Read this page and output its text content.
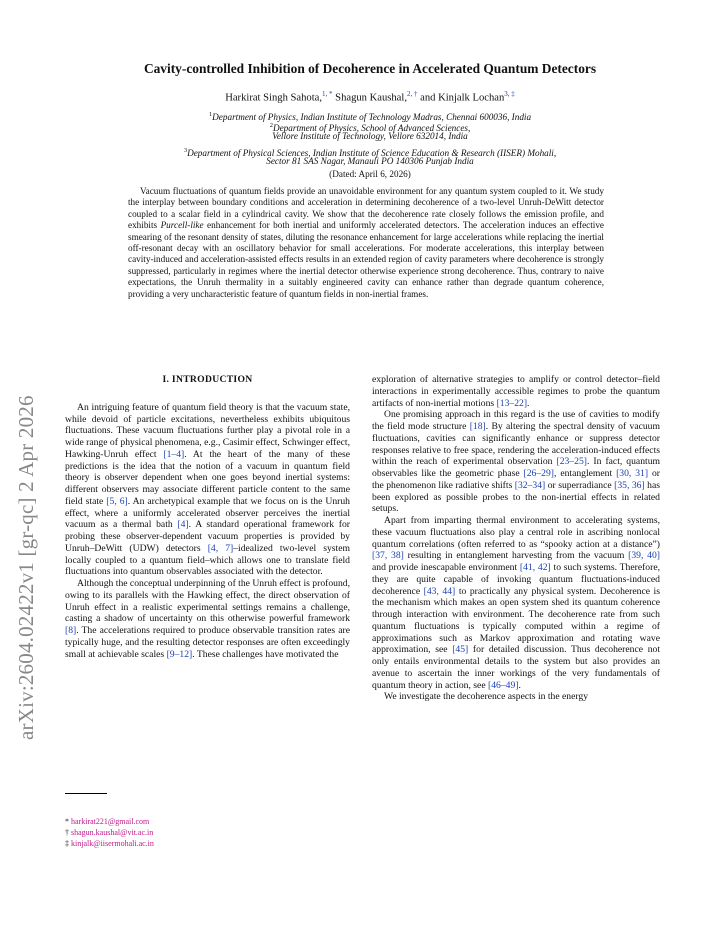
arXiv:2604.02422v1 [gr-qc] 2 Apr 2026
Cavity-controlled Inhibition of Decoherence in Accelerated Quantum Detectors
Harkirat Singh Sahota,$^{1, *}$ Shagun Kaushal,$^{2, \dagger}$ and Kinjalk Lochan$^{3, \ddagger}$
$^1$Department of Physics, Indian Institute of Technology Madras, Chennai 600036, India
$^2$Department of Physics, School of Advanced Sciences,
Vellore Institute of Technology, Vellore 632014, India
$^3$Department of Physical Sciences, Indian Institute of Science Education & Research (IISER) Mohali,
Sector 81 SAS Nagar, Manauli PO 140306 Punjab India
(Dated: April 6, 2026)
Vacuum fluctuations of quantum fields provide an unavoidable environment for any quantum system coupled to it. We study the interplay between boundary conditions and acceleration in determining decoherence of a two-level Unruh-DeWitt detector coupled to a scalar field in a cylindrical cavity. We show that the decoherence rate closely follows the emission profile, and exhibits Purcell-like enhancement for both inertial and uniformly accelerated detectors. The acceleration induces an effective smearing of the resonant density of states, diluting the resonance enhancement for large accelerations while replacing the inertial off-resonant decay with an oscillatory behavior for small accelerations. For moderate accelerations, this interplay between cavity-induced and acceleration-assisted effects results in an extended region of cavity parameters where decoherence is strongly suppressed, particularly in regimes where the inertial detector otherwise experience strong decoherence. Thus, contrary to naive expectations, the Unruh thermality in a suitably engineered cavity can enhance rather than degrade quantum coherence, providing a very uncharacteristic feature of quantum fields in non-inertial frames.
I. INTRODUCTION

An intriguing feature of quantum field theory is that the vacuum state, while devoid of particle excitations, nevertheless exhibits ubiquitous fluctuations. These vacuum fluctuations further play a pivotal role in a wide range of physical phenomena, e.g., Casimir effect, Schwinger effect, Hawking-Unruh effect [1–4]. At the heart of the many of these predictions is the idea that the notion of a vacuum in quantum field theory is observer dependent when one goes beyond inertial systems: different observers may associate different particle content to the same field state [5, 6]. An archetypical example that we focus on is the Unruh effect, where a uniformly accelerated observer perceives the inertial vacuum as a thermal bath [4]. A standard operational framework for probing these observer-dependent vacuum properties is provided by Unruh–DeWitt (UDW) detectors [4, 7]–idealized two-level system locally coupled to a quantum field–which allows one to translate field fluctuations into quantum observables associated with the detector.

Although the conceptual underpinning of the Unruh effect is profound, owing to its parallels with the Hawking effect, the direct observation of Unruh effect in a realistic experimental settings remains a challenge, casting a shadow of uncertainty on this otherwise powerful framework [8]. The accelerations required to produce observable transition rates are typically huge, and the resulting detector responses are often exceedingly small at achievable scales [9–12]. These challenges have motivated the

exploration of alternative strategies to amplify or control detector–field interactions in experimentally accessible regimes to probe the quantum artifacts of non-inertial motions [13–22].

One promising approach in this regard is the use of cavities to modify the field mode structure [18]. By altering the spectral density of vacuum fluctuations, cavities can significantly enhance or suppress detector responses relative to free space, rendering the acceleration-induced effects within the reach of experimental observation [23–25]. In fact, quantum observables like the geometric phase [26–29], entanglement [30, 31] or the phenomenon like radiative shifts [32–34] or superradiance [35, 36] has been explored as possible probes to the non-inertial effects in related setups.

Apart from imparting thermal environment to accelerating systems, these vacuum fluctuations also play a central role in ascribing nonlocal quantum correlations (often referred to as “spooky action at a distance”) [37, 38] resulting in entanglement harvesting from the vacuum [39, 40] and provide inescapable environment [41, 42] to such systems. Therefore, they are quite capable of invoking quantum fluctuations-induced decoherence [43, 44] to practically any physical system. Decoherence is the mechanism which makes an open system shed its quantum coherence through interaction with environment. The decoherence rate from such quantum fluctuations is typically computed within a regime of approximations such as Markov approximation and rotating wave approximation, see [45] for detailed discussion. Thus decoherence not only entails environmental details to the system but also provides an avenue to ascertain the inner workings of the very fundamentals of quantum theory in action, see [46–49].

We investigate the decoherence aspects in the energy

* harkirat221@gmail.com
† shagun.kaushal@vit.ac.in
‡ kinjalk@iisermohali.ac.in
